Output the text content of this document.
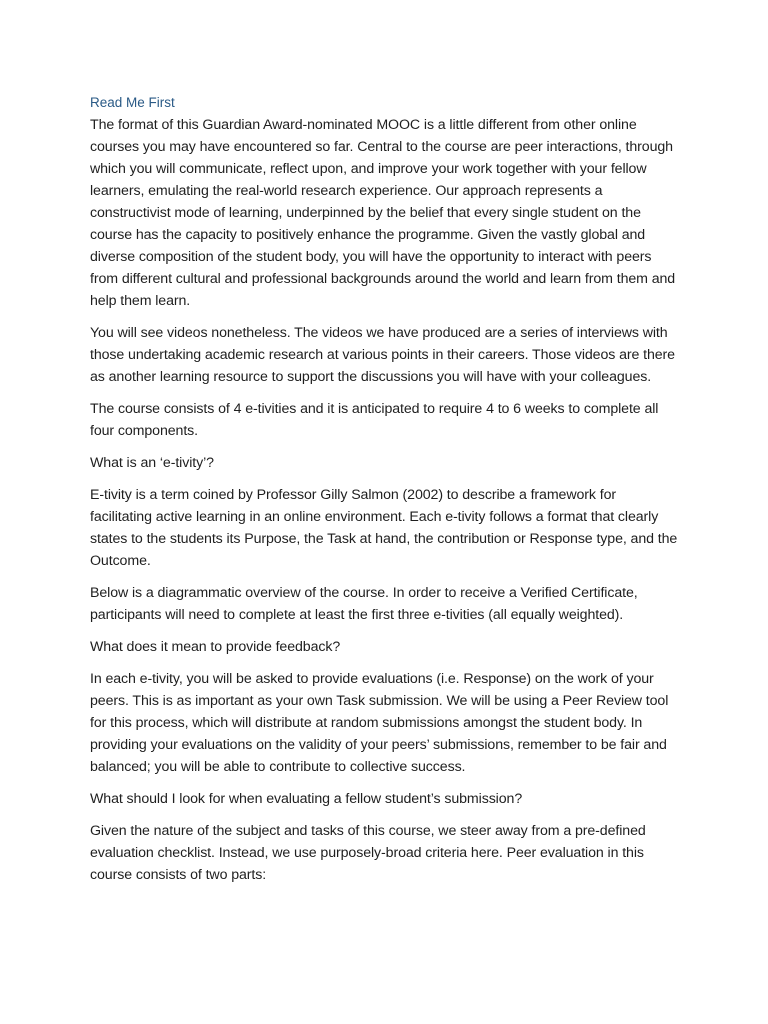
Read Me First

The format of this Guardian Award-nominated MOOC is a little different from other online courses you may have encountered so far. Central to the course are peer interactions, through which you will communicate, reflect upon, and improve your work together with your fellow learners, emulating the real-world research experience. Our approach represents a constructivist mode of learning, underpinned by the belief that every single student on the course has the capacity to positively enhance the programme. Given the vastly global and diverse composition of the student body, you will have the opportunity to interact with peers from different cultural and professional backgrounds around the world and learn from them and help them learn.

You will see videos nonetheless. The videos we have produced are a series of interviews with those undertaking academic research at various points in their careers. Those videos are there as another learning resource to support the discussions you will have with your colleagues.

The course consists of 4 e-tivities and it is anticipated to require 4 to 6 weeks to complete all four components.

What is an ‘e-tivity’?

E-tivity is a term coined by Professor Gilly Salmon (2002) to describe a framework for facilitating active learning in an online environment. Each e-tivity follows a format that clearly states to the students its Purpose, the Task at hand, the contribution or Response type, and the Outcome.

Below is a diagrammatic overview of the course. In order to receive a Verified Certificate, participants will need to complete at least the first three e-tivities (all equally weighted).

What does it mean to provide feedback?

In each e-tivity, you will be asked to provide evaluations (i.e. Response) on the work of your peers. This is as important as your own Task submission. We will be using a Peer Review tool for this process, which will distribute at random submissions amongst the student body. In providing your evaluations on the validity of your peers’ submissions, remember to be fair and balanced; you will be able to contribute to collective success.

What should I look for when evaluating a fellow student’s submission?

Given the nature of the subject and tasks of this course, we steer away from a pre-defined evaluation checklist. Instead, we use purposely-broad criteria here. Peer evaluation in this course consists of two parts:
